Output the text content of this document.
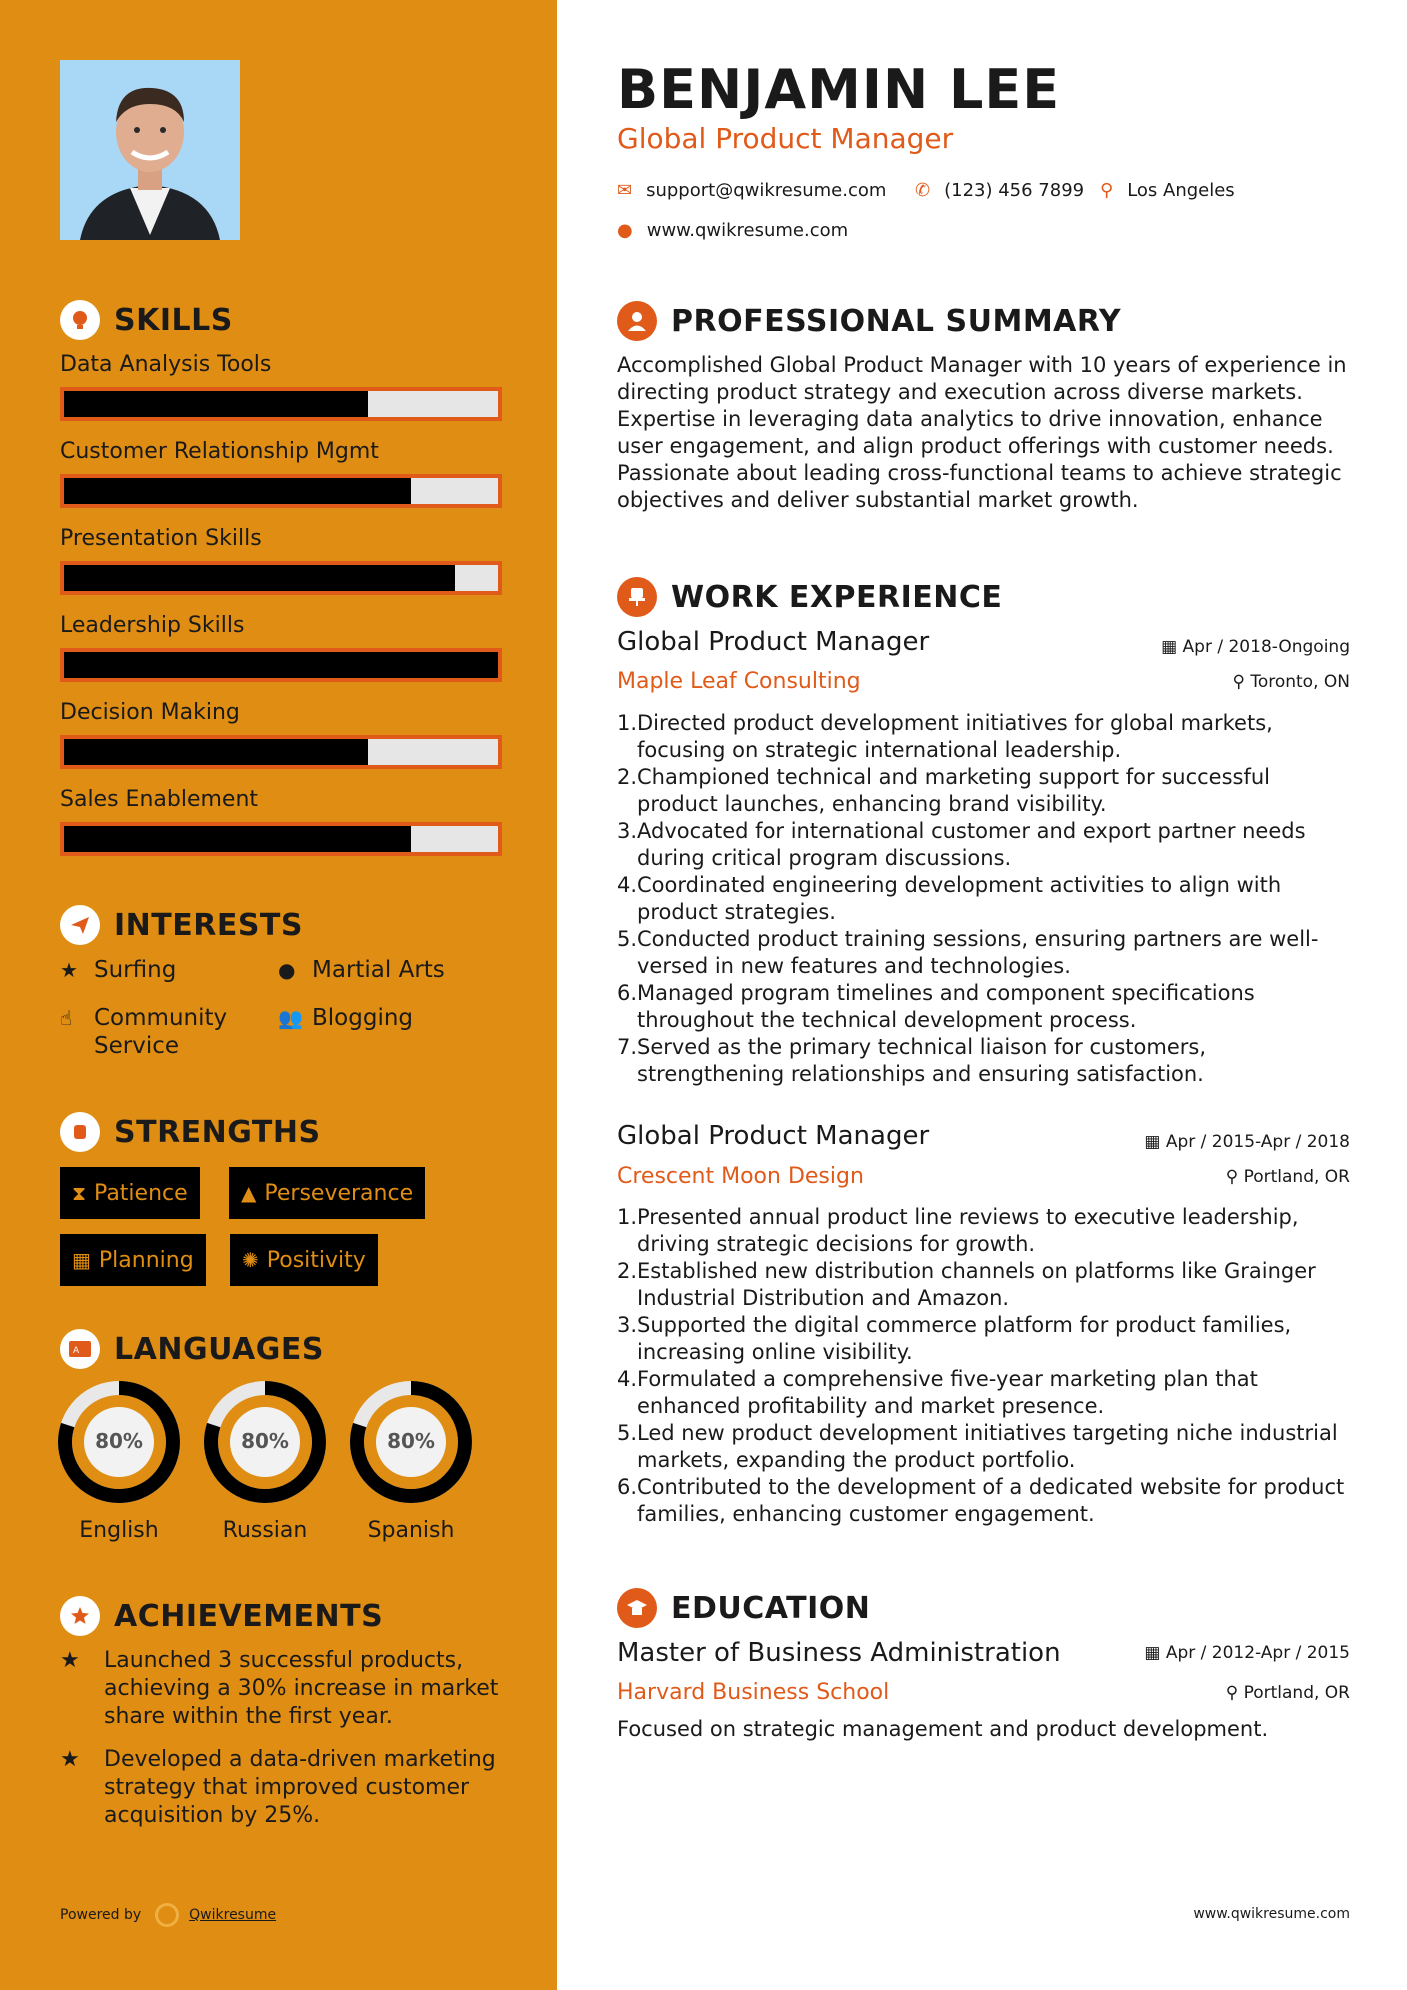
SKILLS
Data Analysis Tools
Customer Relationship Mgmt
Presentation Skills
Leadership Skills
Decision Making
Sales Enablement
INTERESTS
★ Surfing	● Martial Arts
☝ Community Service
👥 Blogging
STRENGTHS
⧗ Patience	▲ Perseverance
▦ Planning ✺ Positivity
A LANGUAGES
80%
English
80%
Russian
80%
Spanish
ACHIEVEMENTS
★	Launched 3 successful products, achieving a 30% increase in market share within the first year.
★	Developed a data-driven marketing strategy that improved customer acquisition by 25%.
Powered by	Qwikresume
BENJAMIN LEE
Global Product Manager
✉ support@qwikresume.com ✆ (123) 456 7899 ⚲ Los Angeles
● www.qwikresume.com
PROFESSIONAL SUMMARY
Accomplished Global Product Manager with 10 years of experience in directing product strategy and execution across diverse markets. Expertise in leveraging data analytics to drive innovation, enhance user engagement, and align product offerings with customer needs. Passionate about leading cross-functional teams to achieve strategic objectives and deliver substantial market growth.
WORK EXPERIENCE
Global Product Manager	▦ Apr / 2018-Ongoing
Maple Leaf Consulting	⚲ Toronto, ON
1. Directed product development initiatives for global markets, focusing on strategic international leadership.
2. Championed technical and marketing support for successful product launches, enhancing brand visibility.
3. Advocated for international customer and export partner needs during critical program discussions.
4. Coordinated engineering development activities to align with product strategies.
5. Conducted product training sessions, ensuring partners are well-versed in new features and technologies.
6. Managed program timelines and component specifications throughout the technical development process.
7. Served as the primary technical liaison for customers, strengthening relationships and ensuring satisfaction.
Global Product Manager	▦ Apr / 2015-Apr / 2018
Crescent Moon Design	⚲ Portland, OR
1. Presented annual product line reviews to executive leadership, driving strategic decisions for growth.
2. Established new distribution channels on platforms like Grainger Industrial Distribution and Amazon.
3. Supported the digital commerce platform for product families, increasing online visibility.
4. Formulated a comprehensive five-year marketing plan that enhanced profitability and market presence.
5. Led new product development initiatives targeting niche industrial markets, expanding the product portfolio.
6. Contributed to the development of a dedicated website for product families, enhancing customer engagement.
EDUCATION
Master of Business Administration	▦ Apr / 2012-Apr / 2015
Harvard Business School	⚲ Portland, OR
Focused on strategic management and product development.
www.qwikresume.com
